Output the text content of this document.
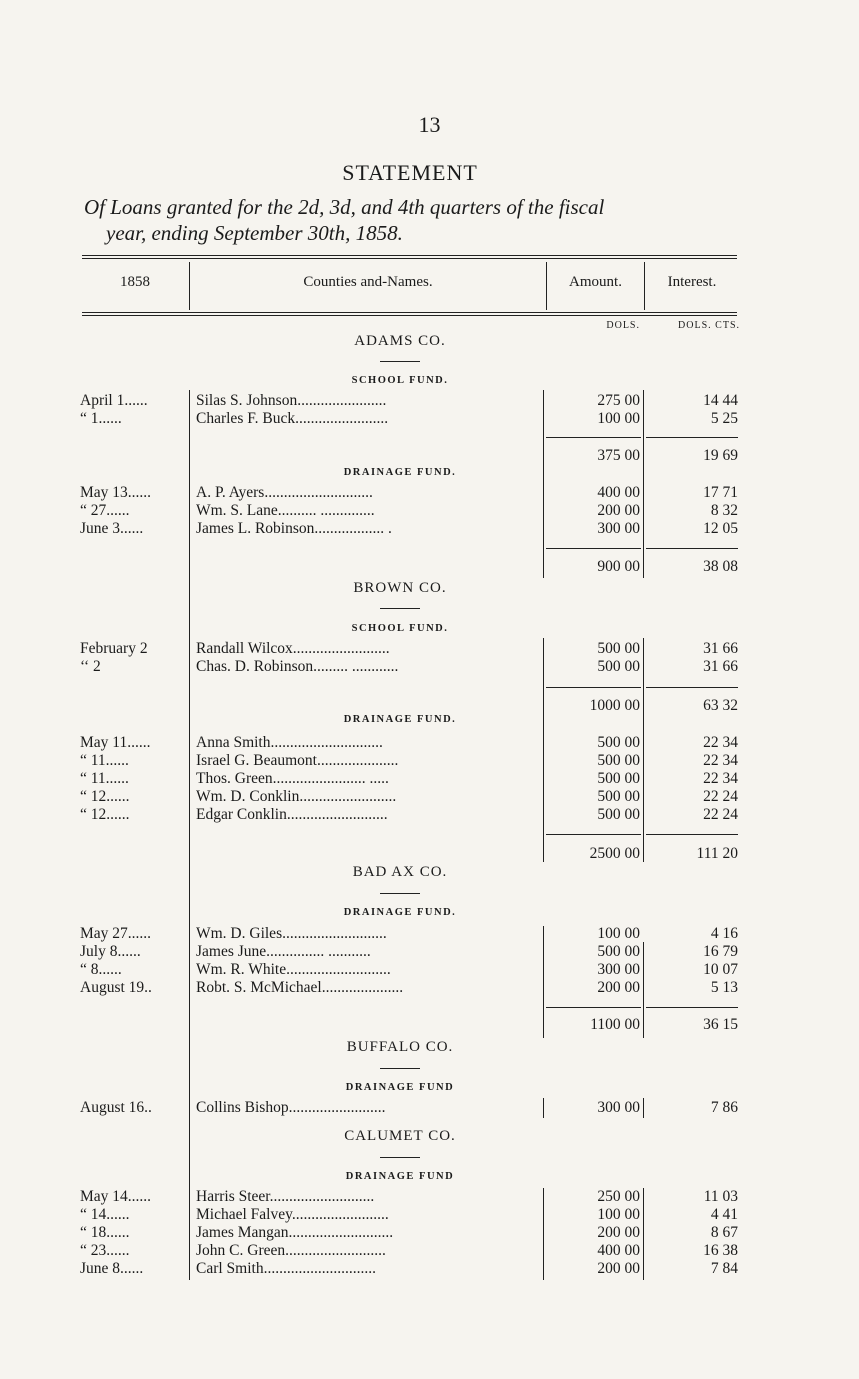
13
STATEMENT
Of Loans granted for the 2d, 3d, and 4th quarters of the fiscal
year, ending September 30th, 1858.
1858	Counties and-Names.	Amount.	Interest.
DOLS.	DOLS. CTS.
ADAMS CO.
SCHOOL FUND.
April 1......	Silas S. Johnson.......................	275 00	14 44
“ 1......	Charles F. Buck........................	100 00	5 25
375 00	19 69
DRAINAGE FUND.
May 13......	A. P. Ayers............................	400 00	17 71
“ 27......	Wm. S. Lane.......... ..............	200 00	8 32
June 3......	James L. Robinson.................. .	300 00	12 05
900 00	38 08
BROWN CO.
SCHOOL FUND.
February 2	Randall Wilcox.........................	500 00	31 66
‘‘ 2	Chas. D. Robinson......... ............	500 00	31 66
1000 00	63 32
DRAINAGE FUND.
May 11......	Anna Smith.............................	500 00	22 34
“ 11......	Israel G. Beaumont.....................	500 00	22 34
“ 11......	Thos. Green........................ .....	500 00	22 34
“ 12......	Wm. D. Conklin.........................	500 00	22 24
“ 12......	Edgar Conklin..........................	500 00	22 24
2500 00	111 20
BAD AX CO.
DRAINAGE FUND.
May 27......	Wm. D. Giles...........................	100 00	4 16
July 8......	James June............... ...........	500 00	16 79
“ 8......	Wm. R. White...........................	300 00	10 07
August 19..	Robt. S. McMichael.....................	200 00	5 13
1100 00	36 15
BUFFALO CO.
DRAINAGE FUND
August 16..	Collins Bishop.........................	300 00	7 86
CALUMET CO.
DRAINAGE FUND
May 14......	Harris Steer...........................	250 00	11 03
“ 14......	Michael Falvey.........................	100 00	4 41
“ 18......	James Mangan...........................	200 00	8 67
“ 23......	John C. Green..........................	400 00	16 38
June 8......	Carl Smith.............................	200 00	7 84
